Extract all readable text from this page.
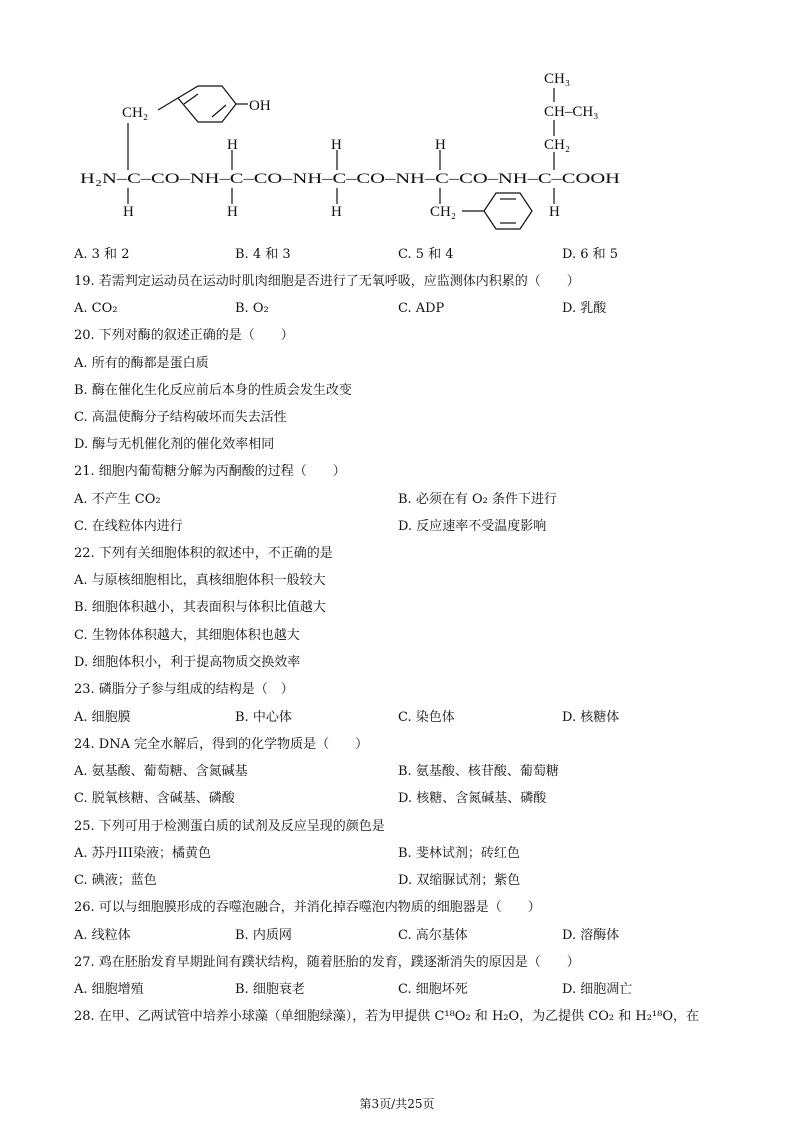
CH₃
CH–CH₃
CH₂
CH₂	OH
H	H	H
H₂N–C–CO–NH–C–CO–NH–C–CO–NH–C–CO–NH–C–COOH
H	H	H	CH₂	H
A. 3 和 2	B. 4 和 3	C. 5 和 4	D. 6 和 5
19. 若需判定运动员在运动时肌肉细胞是否进行了无氧呼吸，应监测体内积累的（　　）
A. CO₂	B. O₂	C. ADP	D. 乳酸
20. 下列对酶的叙述正确的是（　　）
A. 所有的酶都是蛋白质
B. 酶在催化生化反应前后本身的性质会发生改变
C. 高温使酶分子结构破坏而失去活性
D. 酶与无机催化剂的催化效率相同
21. 细胞内葡萄糖分解为丙酮酸的过程（　　）
A. 不产生 CO₂	B. 必须在有 O₂ 条件下进行
C. 在线粒体内进行	D. 反应速率不受温度影响
22. 下列有关细胞体积的叙述中，不正确的是
A. 与原核细胞相比，真核细胞体积一般较大
B. 细胞体积越小，其表面积与体积比值越大
C. 生物体体积越大，其细胞体积也越大
D. 细胞体积小，利于提高物质交换效率
23. 磷脂分子参与组成的结构是（　）
A. 细胞膜	B. 中心体	C. 染色体	D. 核糖体
24. DNA 完全水解后，得到的化学物质是（　　）
A. 氨基酸、葡萄糖、含氮碱基	B. 氨基酸、核苷酸、葡萄糖
C. 脱氧核糖、含碱基、磷酸	D. 核糖、含氮碱基、磷酸
25. 下列可用于检测蛋白质的试剂及反应呈现的颜色是
A. 苏丹III染液；橘黄色	B. 斐林试剂；砖红色
C. 碘液；蓝色	D. 双缩脲试剂；紫色
26. 可以与细胞膜形成的吞噬泡融合，并消化掉吞噬泡内物质的细胞器是（　　）
A. 线粒体	B. 内质网	C. 高尔基体	D. 溶酶体
27. 鸡在胚胎发育早期趾间有蹼状结构，随着胚胎的发育，蹼逐渐消失的原因是（　　）
A. 细胞增殖	B. 细胞衰老	C. 细胞坏死	D. 细胞凋亡
28. 在甲、乙两试管中培养小球藻（单细胞绿藻），若为甲提供 C¹⁸O₂ 和 H₂O，为乙提供 CO₂ 和 H₂¹⁸O，在
第3页/共25页
